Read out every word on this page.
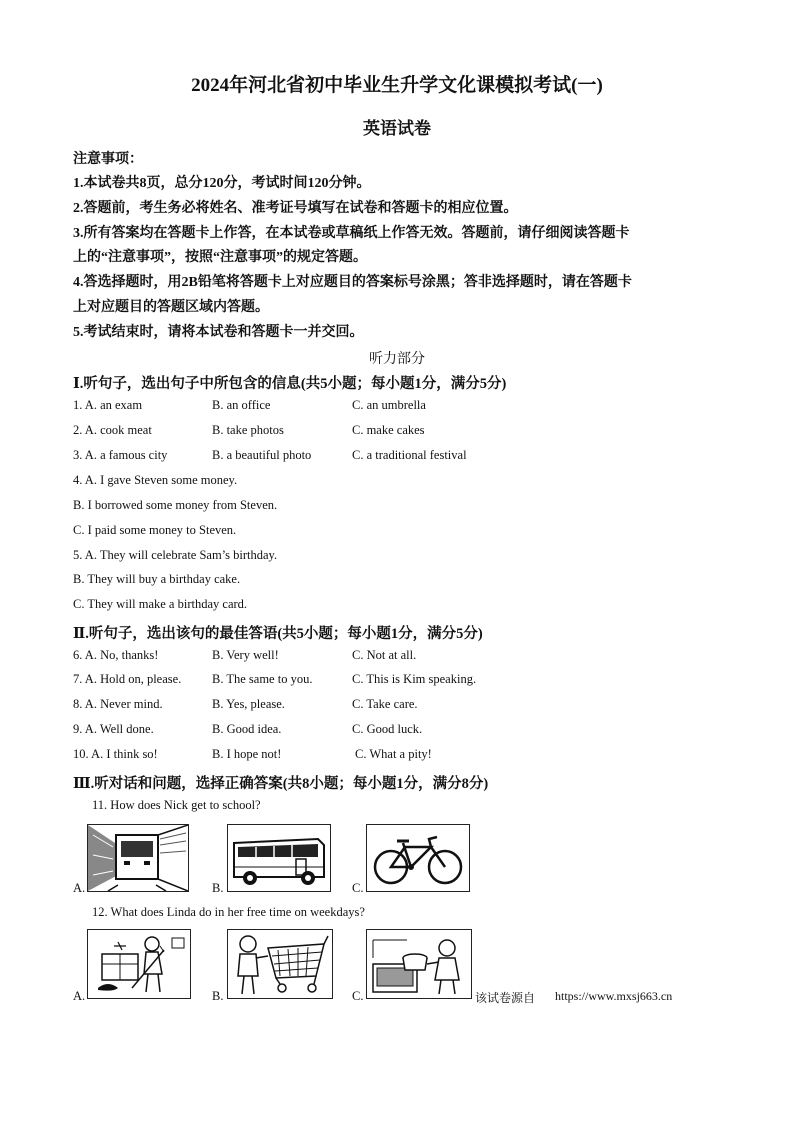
2024年河北省初中毕业生升学文化课模拟考试(一)
英语试卷
注意事项：
1.本试卷共8页，总分120分，考试时间120分钟。
2.答题前，考生务必将姓名、准考证号填写在试卷和答题卡的相应位置。
3.所有答案均在答题卡上作答，在本试卷或草稿纸上作答无效。答题前，请仔细阅读答题卡
上的“注意事项”，按照“注意事项”的规定答题。
4.答选择题时，用2B铅笔将答题卡上对应题目的答案标号涂黑；答非选择题时，请在答题卡
上对应题目的答题区域内答题。
5.考试结束时，请将本试卷和答题卡一并交回。
听力部分
Ⅰ.听句子，选出句子中所包含的信息(共5小题；每小题1分，满分5分)
1. A. an exam	B. an office	C. an umbrella
2. A. cook meat	B. take photos	C. make cakes
3. A. a famous city	B. a beautiful photo	C. a traditional festival
4. A. I gave Steven some money.
B. I borrowed some money from Steven.
C. I paid some money to Steven.
5. A. They will celebrate Sam’s birthday.
B. They will buy a birthday cake.
C. They will make a birthday card.
Ⅱ.听句子，选出该句的最佳答语(共5小题；每小题1分，满分5分)
6. A. No, thanks!	B. Very well!	C. Not at all.
7. A. Hold on, please. B. The same to you.	C. This is Kim speaking.
8. A. Never mind.	B. Yes, please.	C. Take care.
9. A. Well done.	B. Good idea.	C. Good luck.
10. A. I think so!	B. I hope not!	C. What a pity!
Ⅲ.听对话和问题，选择正确答案(共8小题；每小题1分，满分8分)
11. How does Nick get to school?
A.	B.	C.
12. What does Linda do in her free time on weekdays?
A.	B.	C.	该试卷源自 https://www.mxsj663.cn
